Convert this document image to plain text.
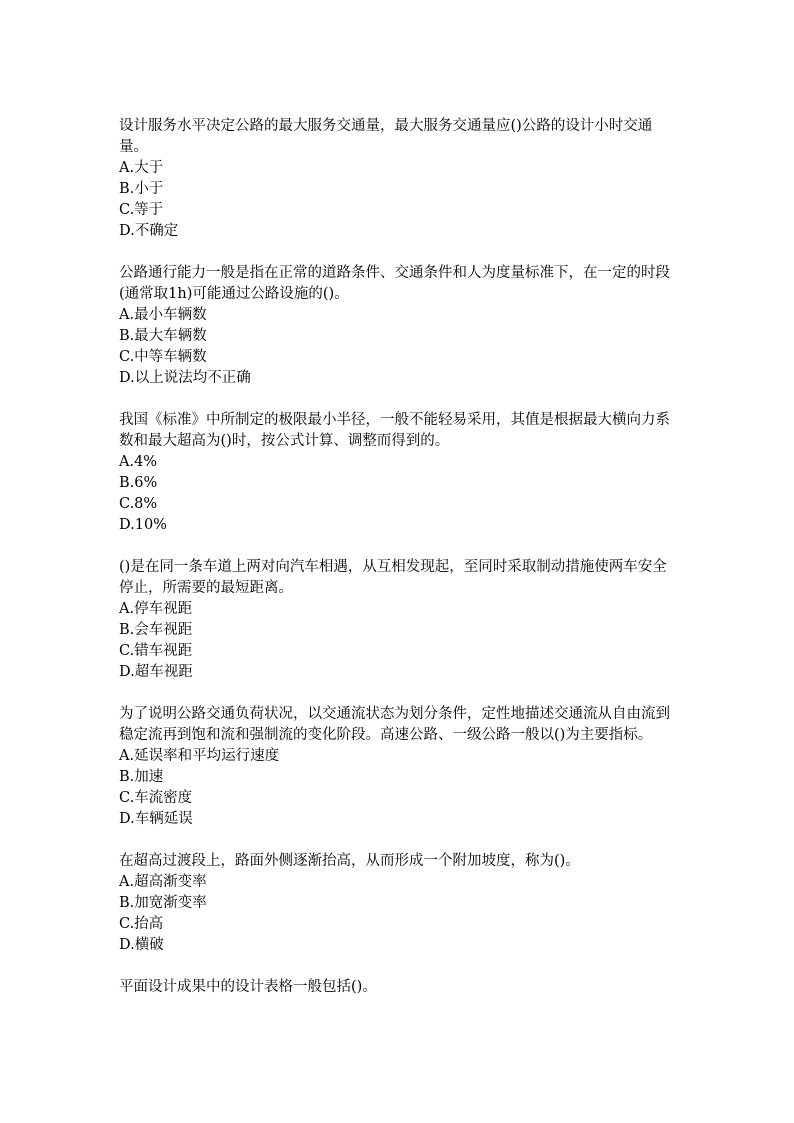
设计服务水平决定公路的最大服务交通量，最大服务交通量应()公路的设计小时交通量。

A.大于

B.小于

C.等于

D.不确定

公路通行能力一般是指在正常的道路条件、交通条件和人为度量标准下，在一定的时段(通常取1h)可能通过公路设施的()。

A.最小车辆数

B.最大车辆数

C.中等车辆数

D.以上说法均不正确

我国《标准》中所制定的极限最小半径，一般不能轻易采用，其值是根据最大横向力系数和最大超高为()时，按公式计算、调整而得到的。

A.4%

B.6%

C.8%

D.10%

()是在同一条车道上两对向汽车相遇，从互相发现起，至同时采取制动措施使两车安全停止，所需要的最短距离。

A.停车视距

B.会车视距

C.错车视距

D.超车视距

为了说明公路交通负荷状况，以交通流状态为划分条件，定性地描述交通流从自由流到稳定流再到饱和流和强制流的变化阶段。高速公路、一级公路一般以()为主要指标。

A.延误率和平均运行速度

B.加速

C.车流密度

D.车辆延误

在超高过渡段上，路面外侧逐渐抬高，从而形成一个附加坡度，称为()。

A.超高渐变率

B.加宽渐变率

C.抬高

D.横破

平面设计成果中的设计表格一般包括()。
